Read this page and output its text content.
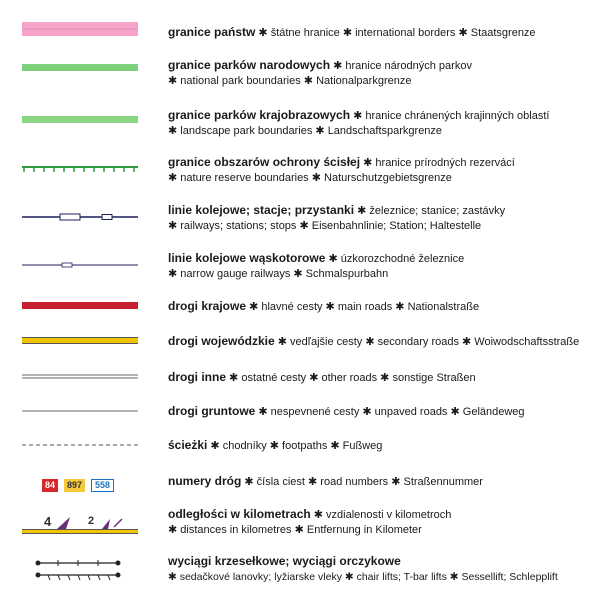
granice państw ✱ štátne hranice ✱ international borders ✱ Staatsgrenze
granice parków narodowych ✱ hranice národných parkov
✱ national park boundaries ✱ Nationalparkgrenze
granice parków krajobrazowych ✱ hranice chránených krajinných oblastí
✱ landscape park boundaries ✱ Landschaftsparkgrenze
granice obszarów ochrony ścisłej ✱ hranice prírodných rezervácí
✱ nature reserve boundaries ✱ Naturschutzgebietsgrenze
linie kolejowe; stacje; przystanki ✱ železnice; stanice; zastávky
✱ railways; stations; stops ✱ Eisenbahnlinie; Station; Haltestelle
linie kolejowe wąskotorowe ✱ úzkorozchodné železnice
✱ narrow gauge railways ✱ Schmalspurbahn
drogi krajowe ✱ hlavné cesty ✱ main roads ✱ Nationalstraße
drogi wojewódzkie ✱ vedľajšie cesty ✱ secondary roads ✱ Woiwodschaftsstraße
drogi inne ✱ ostatné cesty ✱ other roads ✱ sonstige Straßen
drogi gruntowe ✱ nespevnené cesty ✱ unpaved roads ✱ Geländeweg
ścieżki ✱ chodníky ✱ footpaths ✱ Fußweg
84 897 558	numery dróg ✱ čísla ciest ✱ road numbers ✱ Straßennummer
4	2	odległości w kilometrach ✱ vzdialenosti v kilometroch
✱ distances in kilometres ✱ Entfernung in Kilometer
wyciągi krzesełkowe; wyciągi orczykowe
✱ sedačkové lanovky; lyžiarske vleky ✱ chair lifts; T-bar lifts ✱ Sessellift; Schlepplift
